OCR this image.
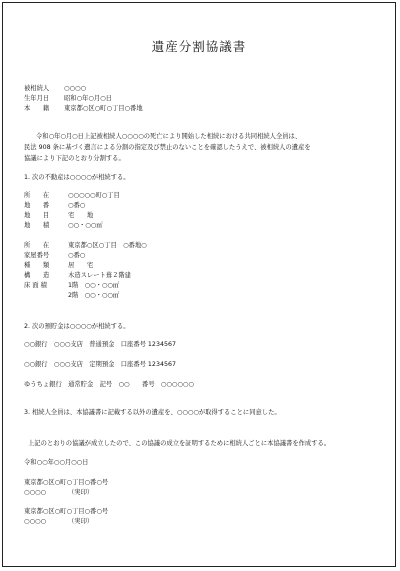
遺産分割協議書
被相続人 ○○○○
生年月日 昭和○年○月○日
本　　籍 東京都○区○町○丁目○番地
令和○年○月○日上記被相続人○○○○の死亡により開始した相続における共同相続人全員は、
民法 908 条に基づく遺言による分割の指定及び禁止のないことを確認したうえで、被相続人の遺産を
協議により下記のとおり分割する。
1. 次の不動産は○○○○が相続する。
所　　在	○○○○○町○丁目
地　　番	○番○
地　　目	宅　　地
地　　積	○○・○○㎡
所　　在	東京都○区○丁目　○番地○
家屋番号	○番○
種　　類	居　　宅
構　　造	木造スレート葺２階建
床 面 積	1階　○○・○○㎡
2階　○○・○○㎡
2. 次の預貯金は○○○○が相続する。
○○銀行　○○○支店　普通預金　口座番号 1234567
○○銀行　○○○支店　定期預金　口座番号 1234567
ゆうちょ銀行　通常貯金　記号　○○　　番号　○○○○○○
3. 相続人全員は、本協議書に記載する以外の遺産を、○○○○が取得することに同意した。
上記のとおりの協議が成立したので、この協議の成立を証明するために相続人ごとに本協議書を作成する。
令和○○年○○月○○日
東京都○区○町○丁目○番○号
○○○○	（実印）
東京都○区○町○丁目○番○号
○○○○	（実印）
